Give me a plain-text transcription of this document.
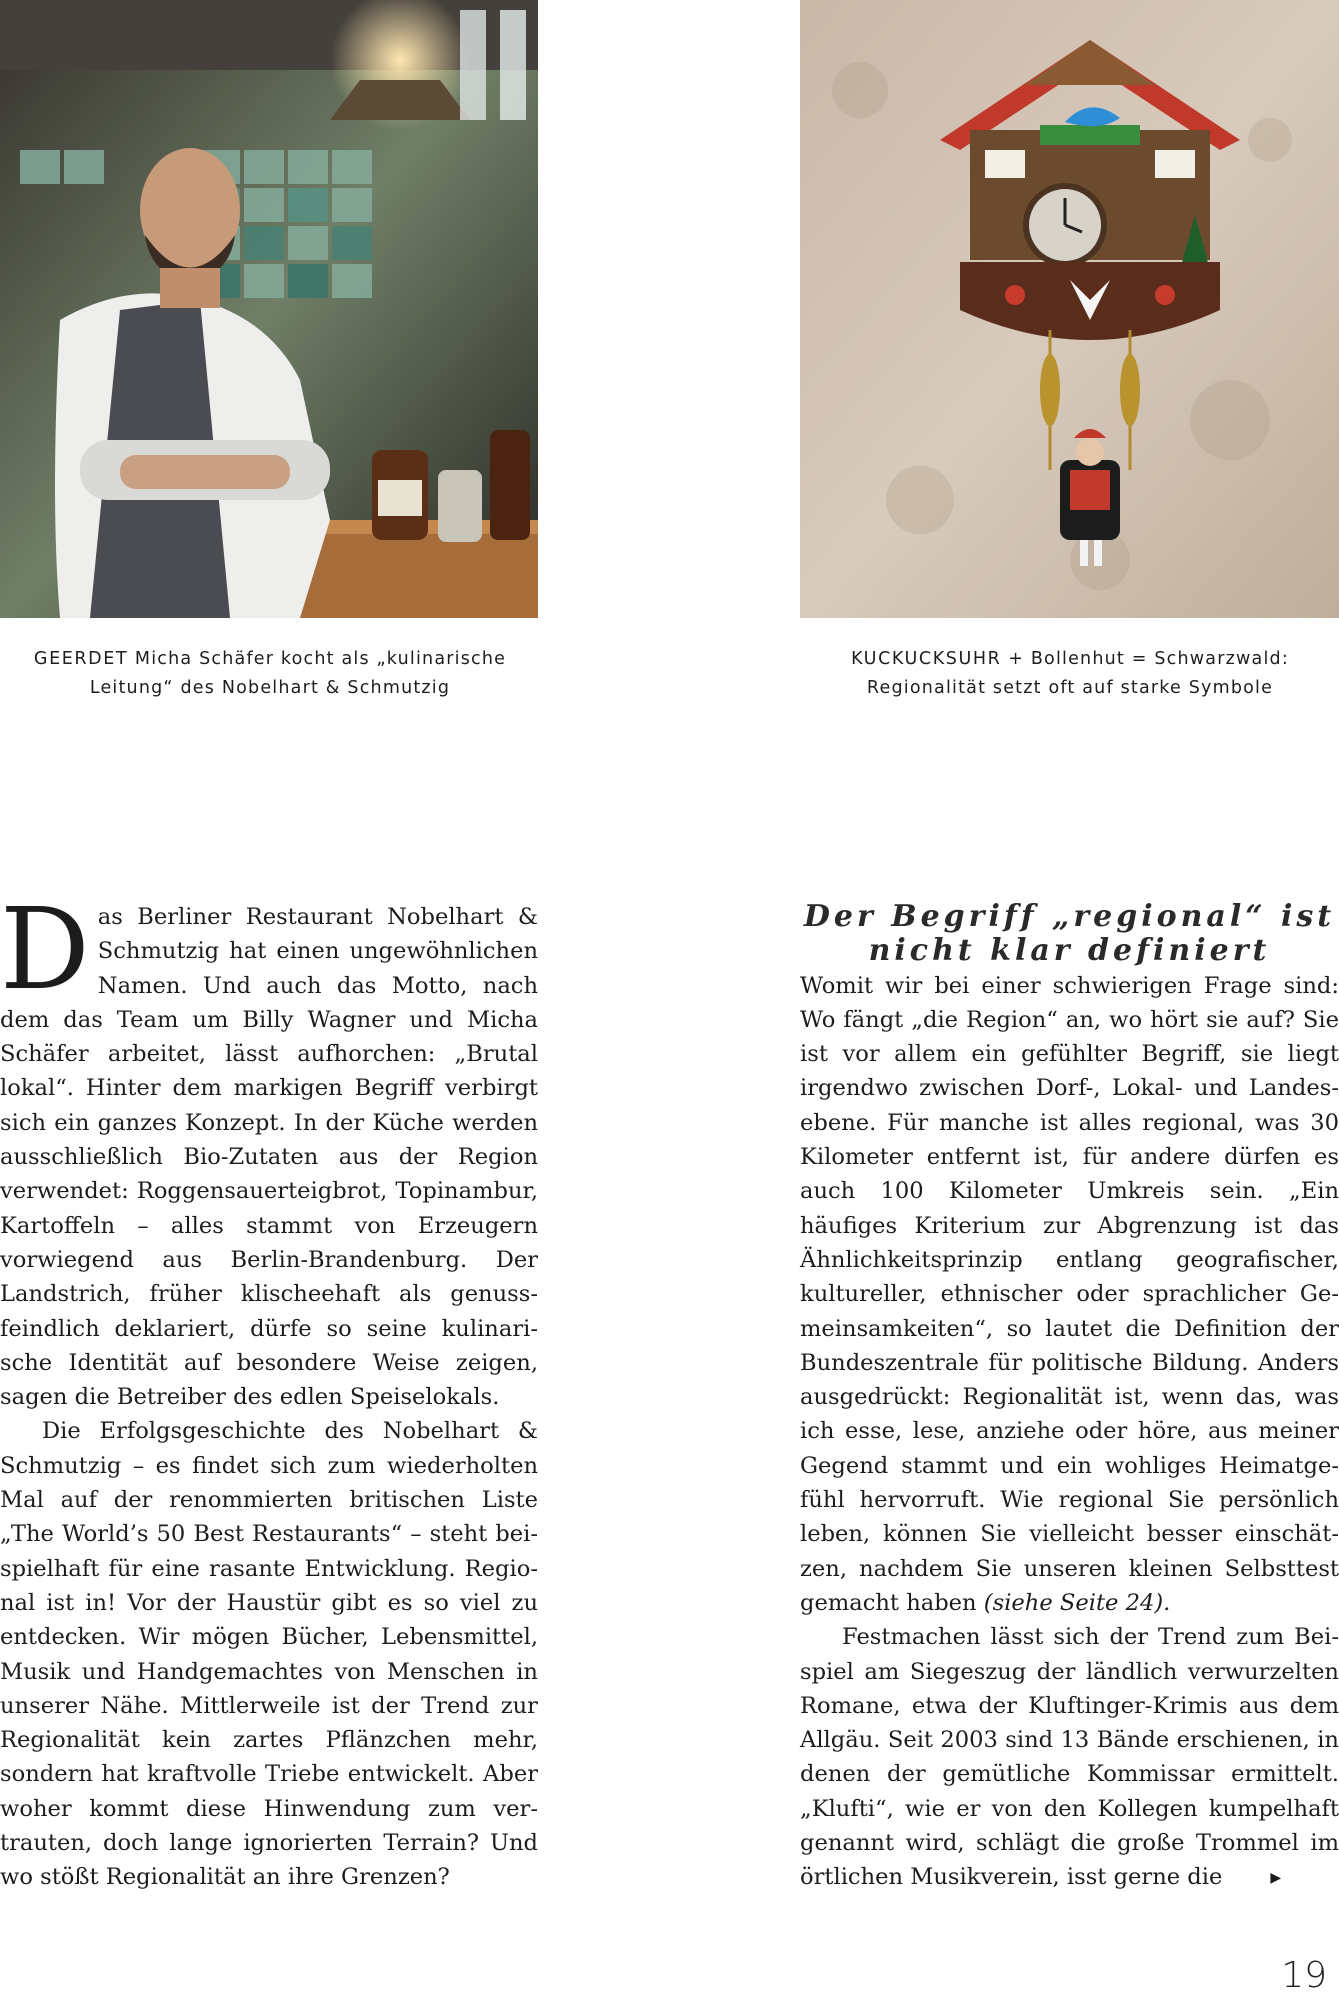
GEERDET Micha Schäfer kocht als „kulinarische Leitung“ des Nobelhart & Schmutzig
KUCKUCKSUHR + Bollenhut = Schwarzwald: Regionalität setzt oft auf starke Symbole

Das Berliner Restaurant Nobelhart & Schmutzig hat einen ungewöhnlichen Namen. Und auch das Motto, nach dem das Team um Billy Wagner und Micha Schäfer arbeitet, lässt aufhorchen: „Brutal lokal“. Hinter dem markigen Begriff verbirgt sich ein ganzes Konzept. In der Küche werden ausschließlich Bio-Zutaten aus der Region verwendet: Roggensauerteigbrot, Topinambur, Kartoffeln – alles stammt von Erzeugern vorwiegend aus Berlin-Brandenburg. Der Landstrich, früher klischeehaft als genussfeindlich deklariert, dürfe so seine kulinarische Identität auf besondere Weise zeigen, sagen die Betreiber des edlen Speiselokals.

Die Erfolgsgeschichte des Nobelhart & Schmutzig – es findet sich zum wiederholten Mal auf der renommierten britischen Liste „The World’s 50 Best Restaurants“ – steht beispielhaft für eine rasante Entwicklung. Regional ist in! Vor der Haustür gibt es so viel zu entdecken. Wir mögen Bücher, Lebensmittel, Musik und Handgemachtes von Menschen in unserer Nähe. Mittlerweile ist der Trend zur Regionalität kein zartes Pflänzchen mehr, sondern hat kraftvolle Triebe entwickelt. Aber woher kommt diese Hinwendung zum vertrauten, doch lange ignorierten Terrain? Und wo stößt Regionalität an ihre Grenzen?

Der Begriff „regional“ ist
nicht klar definiert

Womit wir bei einer schwierigen Frage sind: Wo fängt „die Region“ an, wo hört sie auf? Sie ist vor allem ein gefühlter Begriff, sie liegt irgendwo zwischen Dorf-, Lokal- und Landesebene. Für manche ist alles regional, was 30 Kilometer entfernt ist, für andere dürfen es auch 100 Kilometer Umkreis sein. „Ein häufiges Kriterium zur Abgrenzung ist das Ähnlichkeitsprinzip entlang geografischer, kultureller, ethnischer oder sprachlicher Gemeinsamkeiten“, so lautet die Definition der Bundeszentrale für politische Bildung. Anders ausgedrückt: Regionalität ist, wenn das, was ich esse, lese, anziehe oder höre, aus meiner Gegend stammt und ein wohliges Heimatgefühl hervorruft. Wie regional Sie persönlich leben, können Sie vielleicht besser einschätzen, nachdem Sie unseren kleinen Selbsttest gemacht haben (siehe Seite 24).

Festmachen lässt sich der Trend zum Beispiel am Siegeszug der ländlich verwurzelten Romane, etwa der Kluftinger-Krimis aus dem Allgäu. Seit 2003 sind 13 Bände erschienen, in denen der gemütliche Kommissar ermittelt. „Klufti“, wie er von den Kollegen kumpelhaft genannt wird, schlägt die große Trommel im örtlichen Musikverein, isst gerne die	▶

19
